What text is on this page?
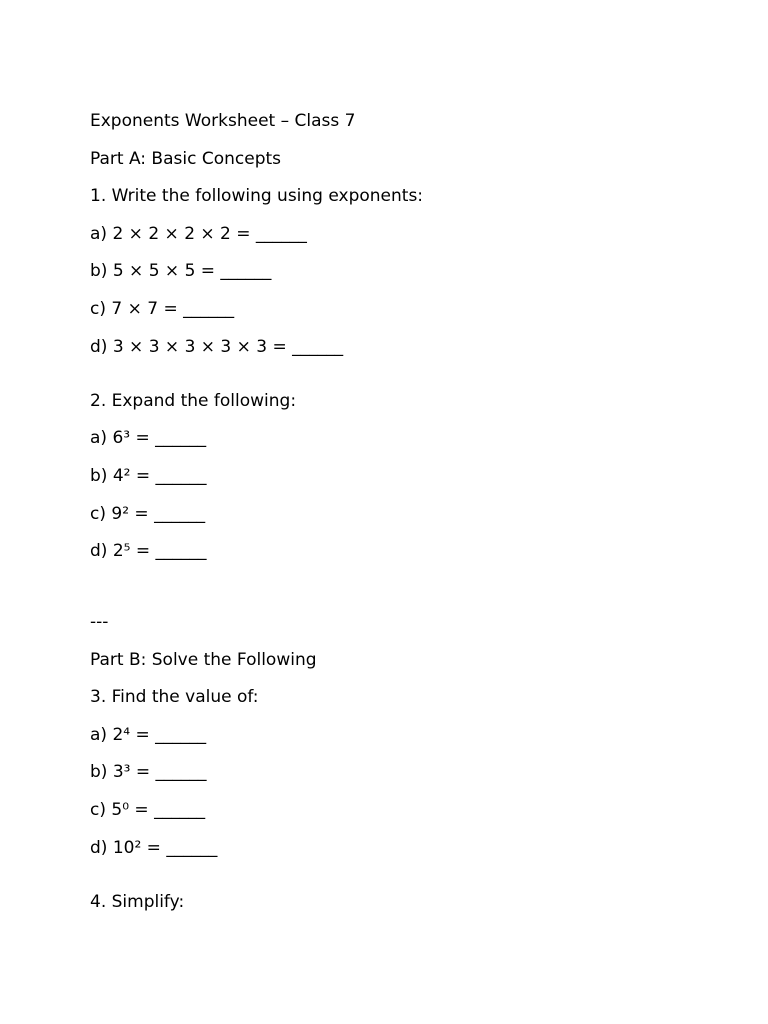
Exponents Worksheet – Class 7
Part A: Basic Concepts
1. Write the following using exponents:
a) 2 × 2 × 2 × 2 = ______
b) 5 × 5 × 5 = ______
c) 7 × 7 = ______
d) 3 × 3 × 3 × 3 × 3 = ______
2. Expand the following:
a) 6³ = ______
b) 4² = ______
c) 9² = ______
d) 2⁵ = ______
---
Part B: Solve the Following
3. Find the value of:
a) 2⁴ = ______
b) 3³ = ______
c) 5⁰ = ______
d) 10² = ______
4. Simplify:
